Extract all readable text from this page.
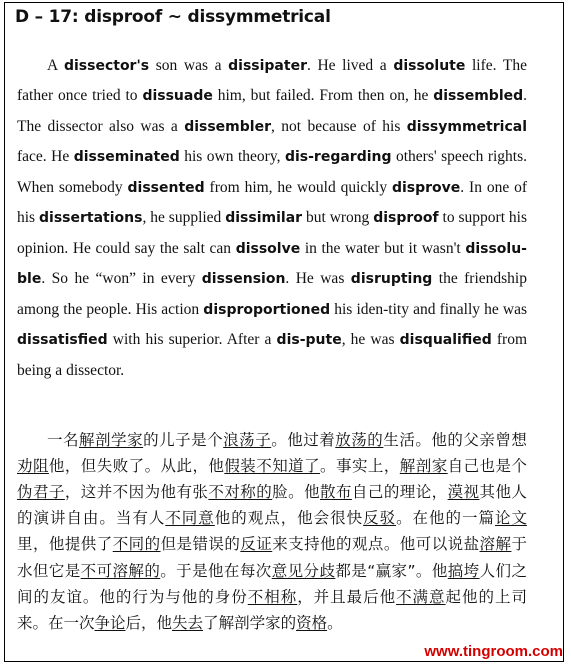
D – 17: disproof ~ dissymmetrical

A dissector's son was a dissipater. He lived a dissolute life. The father once tried to dissuade him, but failed. From then on, he dissembled. The dissector also was a dissembler, not because of his dissymmetrical face. He disseminated his own theory, dis-regarding others' speech rights. When somebody dissented from him, he would quickly disprove. In one of his dissertations, he supplied dissimilar but wrong disproof to support his opinion. He could say the salt can dissolve in the water but it wasn't dissolu-ble. So he “won” in every dissension. He was disrupting the friendship among the people. His action disproportioned his iden-tity and finally he was dissatisfied with his superior. After a dis-pute, he was disqualified from being a dissector.

一名解剖学家的儿子是个浪荡子。他过着放荡的生活。他的父亲曾想劝阻他，但失败了。从此，他假装不知道了。事实上，解剖家自己也是个伪君子，这并不因为他有张不对称的脸。他散布自己的理论，漠视其他人的演讲自由。当有人不同意他的观点，他会很快反驳。在他的一篇论文里，他提供了不同的但是错误的反证来支持他的观点。他可以说盐溶解于水但它是不可溶解的。于是他在每次意见分歧都是“赢家”。他搞垮人们之间的友谊。他的行为与他的身份不相称，并且最后他不满意起他的上司来。在一次争论后，他失去了解剖学家的资格。

www.tingroom.com
